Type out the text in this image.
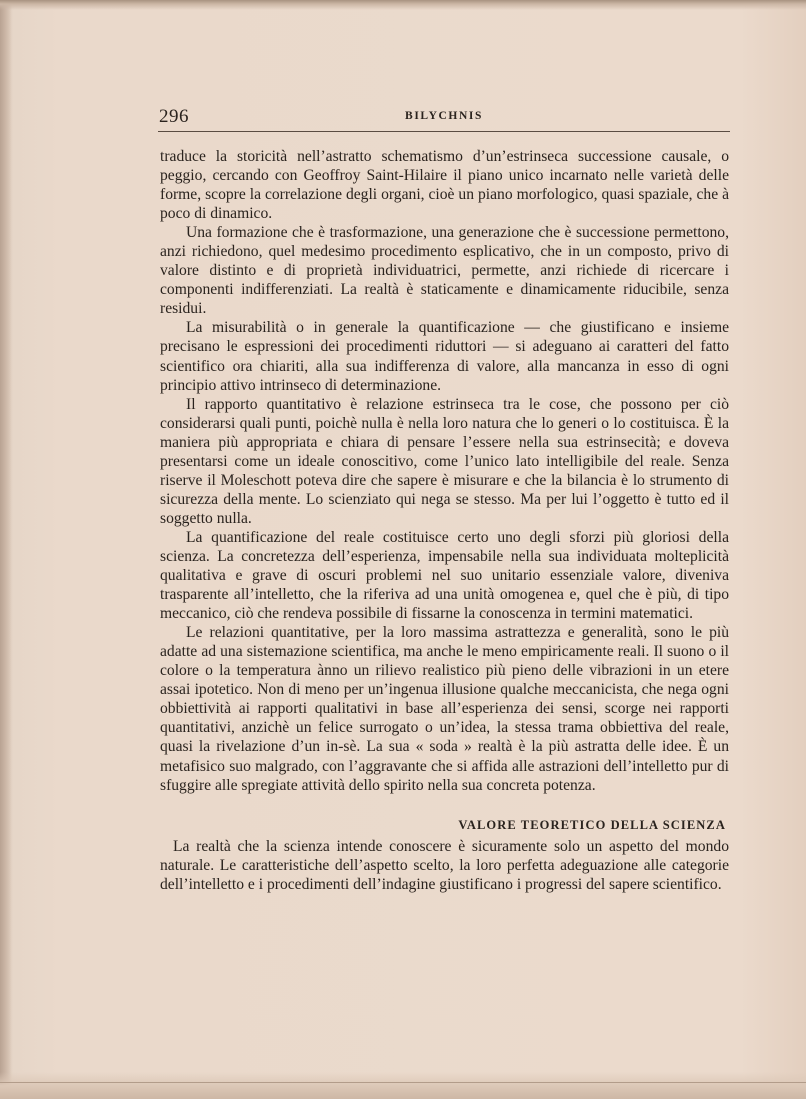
296	BILYCHNIS

traduce la storicità nell’astratto schematismo d’un’estrinseca successione causale, o peggio, cercando con Geoffroy Saint-Hilaire il piano unico incarnato nelle varietà delle forme, scopre la correlazione degli organi, cioè un piano morfologico, quasi spaziale, che à poco di dinamico.

Una formazione che è trasformazione, una generazione che è successione permettono, anzi richiedono, quel medesimo procedimento esplicativo, che in un composto, privo di valore distinto e di proprietà individuatrici, permette, anzi richiede di ricercare i componenti indifferenziati. La realtà è staticamente e dinamicamente riducibile, senza residui.

La misurabilità o in generale la quantificazione — che giustificano e insieme precisano le espressioni dei procedimenti riduttori — si adeguano ai caratteri del fatto scientifico ora chiariti, alla sua indifferenza di valore, alla mancanza in esso di ogni principio attivo intrinseco di determinazione.

Il rapporto quantitativo è relazione estrinseca tra le cose, che possono per ciò considerarsi quali punti, poichè nulla è nella loro natura che lo generi o lo costituisca. È la maniera più appropriata e chiara di pensare l’essere nella sua estrinsecità; e doveva presentarsi come un ideale conoscitivo, come l’unico lato intelligibile del reale. Senza riserve il Moleschott poteva dire che sapere è misurare e che la bilancia è lo strumento di sicurezza della mente. Lo scienziato qui nega se stesso. Ma per lui l’oggetto è tutto ed il soggetto nulla.

La quantificazione del reale costituisce certo uno degli sforzi più gloriosi della scienza. La concretezza dell’esperienza, impensabile nella sua individuata molteplicità qualitativa e grave di oscuri problemi nel suo unitario essenziale valore, diveniva trasparente all’intelletto, che la riferiva ad una unità omogenea e, quel che è più, di tipo meccanico, ciò che rendeva possibile di fissarne la conoscenza in termini matematici.

Le relazioni quantitative, per la loro massima astrattezza e generalità, sono le più adatte ad una sistemazione scientifica, ma anche le meno empiricamente reali. Il suono o il colore o la temperatura ànno un rilievo realistico più pieno delle vibrazioni in un etere assai ipotetico. Non di meno per un’ingenua illusione qualche meccanicista, che nega ogni obbiettività ai rapporti qualitativi in base all’esperienza dei sensi, scorge nei rapporti quantitativi, anzichè un felice surrogato o un’idea, la stessa trama obbiettiva del reale, quasi la rivelazione d’un in-sè. La sua « soda » realtà è la più astratta delle idee. È un metafisico suo malgrado, con l’aggravante che si affida alle astrazioni dell’intelletto pur di sfuggire alle spregiate attività dello spirito nella sua concreta potenza.

VALORE TEORETICO DELLA SCIENZA

La realtà che la scienza intende conoscere è sicuramente solo un aspetto del mondo naturale. Le caratteristiche dell’aspetto scelto, la loro perfetta adeguazione alle categorie dell’intelletto e i procedimenti dell’indagine giustificano i progressi del sapere scientifico.
